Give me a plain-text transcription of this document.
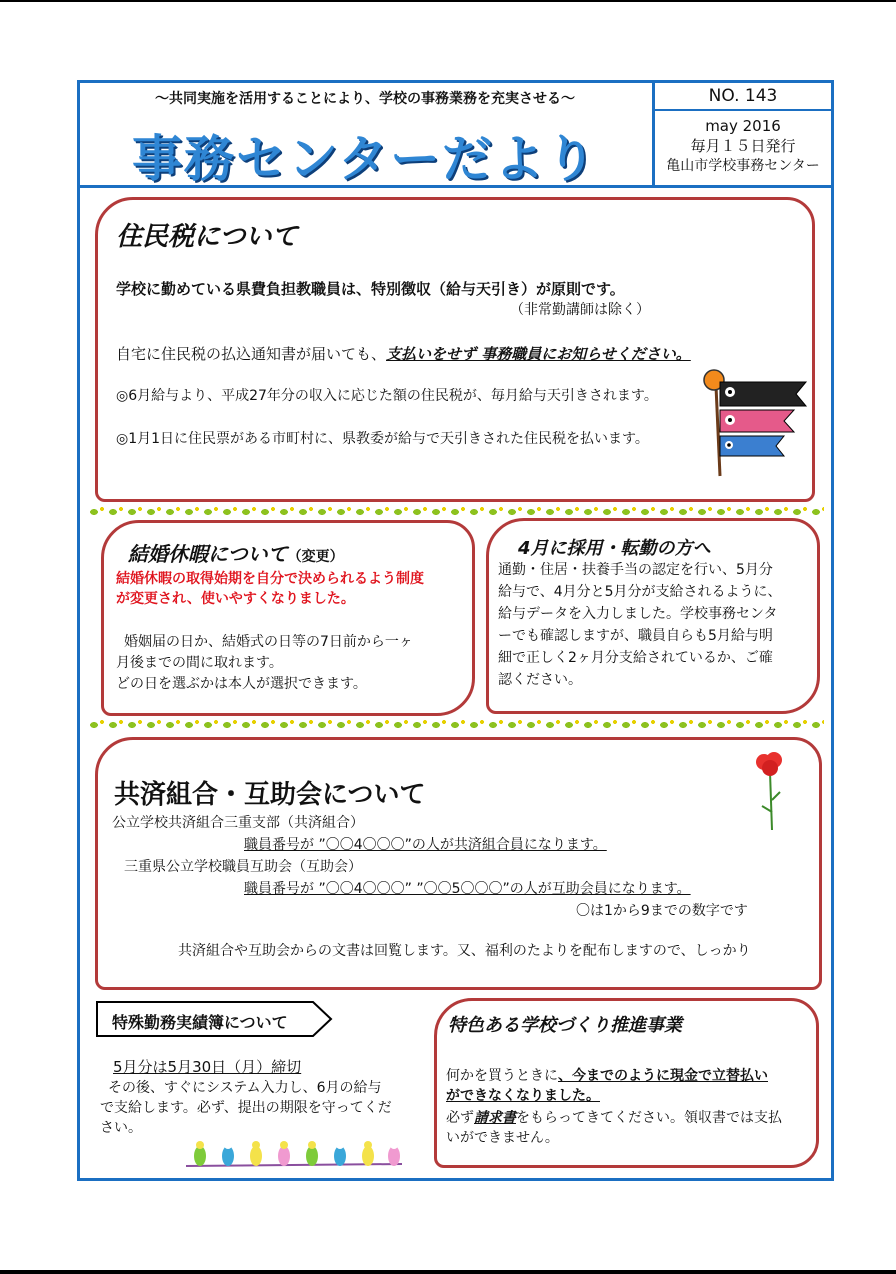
～共同実施を活用することにより、学校の事務業務を充実させる～
事務センターだより
NO. 143
may 2016
毎月１５日発行
亀山市学校事務センター
住民税について
学校に勤めている県費負担教職員は、特別徴収（給与天引き）が原則です。
（非常勤講師は除く）
自宅に住民税の払込通知書が届いても、支払いをせず 事務職員にお知らせください。
◎6月給与より、平成27年分の収入に応じた額の住民税が、毎月給与天引きされます。
◎1月1日に住民票がある市町村に、県教委が給与で天引きされた住民税を払います。
結婚休暇について（変更）
結婚休暇の取得始期を自分で決められるよう制度
が変更され、使いやすくなりました。
婚姻届の日か、結婚式の日等の7日前から一ヶ
月後までの間に取れます。
どの日を選ぶかは本人が選択できます。
4月に採用・転勤の方へ
通勤・住居・扶養手当の認定を行い、5月分
給与で、4月分と5月分が支給されるように、
給与データを入力しました。学校事務センタ
ーでも確認しますが、職員自らも5月給与明
細で正しく2ヶ月分支給されているか、ご確
認ください。
共済組合・互助会について
公立学校共済組合三重支部（共済組合）
職員番号が ”〇〇4〇〇〇”の人が共済組合員になります。
三重県公立学校職員互助会（互助会）
職員番号が ”〇〇4〇〇〇” ”〇〇5〇〇〇”の人が互助会員になります。
〇は1から9までの数字です
共済組合や互助会からの文書は回覧します。又、福利のたよりを配布しますので、しっかり
特殊勤務実績簿について
5月分は5月30日（月）締切
その後、すぐにシステム入力し、6月の給与
で支給します。必ず、提出の期限を守ってくだ
さい。
特色ある学校づくり推進事業
何かを買うときに、今までのように現金で立替払い
ができなくなりました。
必ず請求書をもらってきてください。領収書では支払
いができません。
